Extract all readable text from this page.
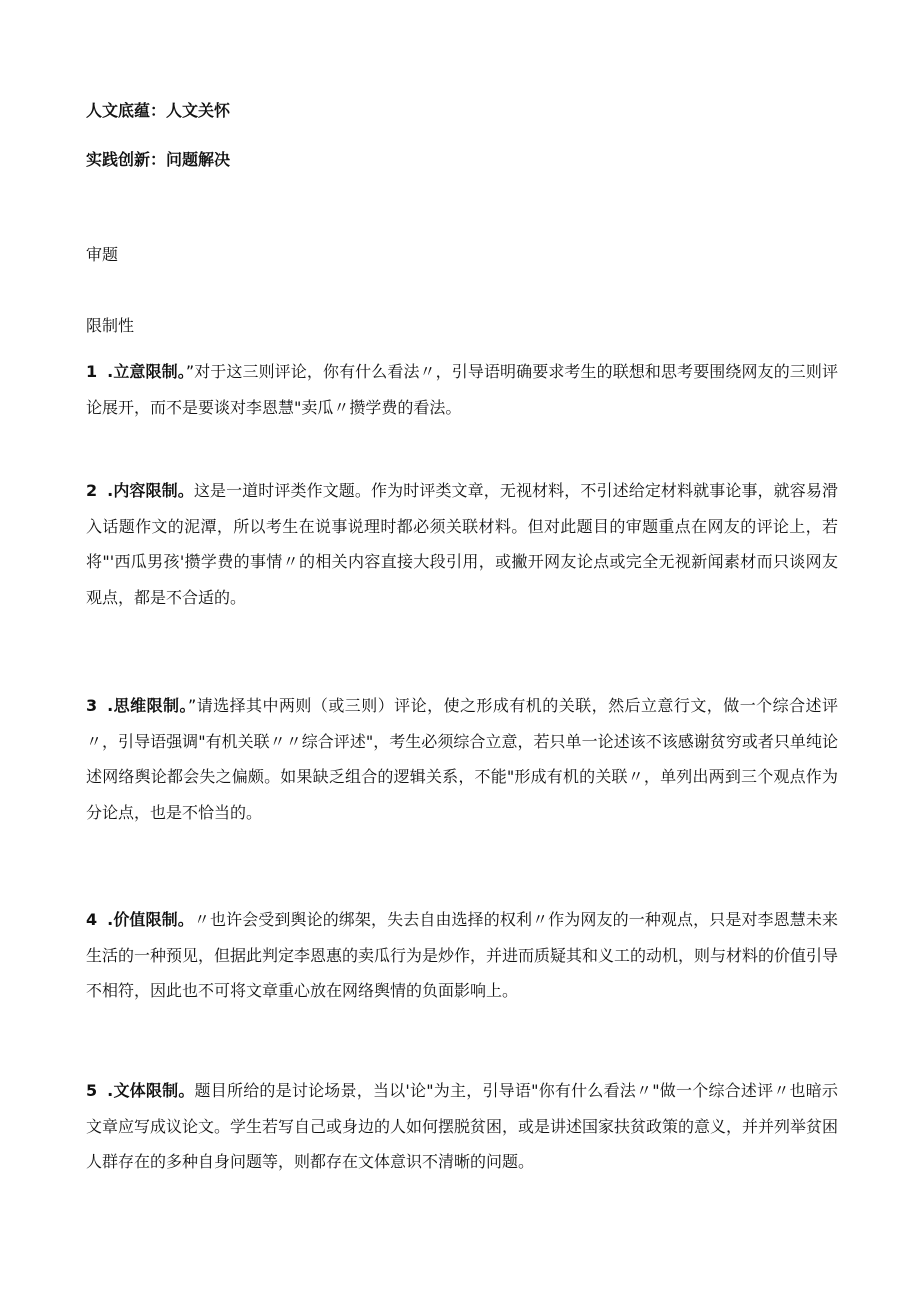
人文底蕴：人文关怀
实践创新：问题解决
审题
限制性
1 .立意限制。”对于这三则评论，你有什么看法〃，引导语明确要求考生的联想和思考要围绕网友的三则评论展开，而不是要谈对李恩慧"卖瓜〃攒学费的看法。
2 .内容限制。这是一道时评类作文题。作为时评类文章，无视材料，不引述给定材料就事论事，就容易滑入话题作文的泥潭，所以考生在说事说理时都必须关联材料。但对此题目的审题重点在网友的评论上，若将"'西瓜男孩'攒学费的事情〃的相关内容直接大段引用，或撇开网友论点或完全无视新闻素材而只谈网友观点，都是不合适的。
3 .思维限制。”请选择其中两则（或三则）评论，使之形成有机的关联，然后立意行文，做一个综合述评〃，引导语强调"有机关联〃〃综合评述"，考生必须综合立意，若只单一论述该不该感谢贫穷或者只单纯论述网络舆论都会失之偏颇。如果缺乏组合的逻辑关系，不能"形成有机的关联〃，单列出两到三个观点作为分论点，也是不恰当的。
4 .价值限制。〃也许会受到舆论的绑架，失去自由选择的权利〃作为网友的一种观点，只是对李恩慧未来生活的一种预见，但据此判定李恩惠的卖瓜行为是炒作，并进而质疑其和义工的动机，则与材料的价值引导不相符，因此也不可将文章重心放在网络舆情的负面影响上。
5 .文体限制。题目所给的是讨论场景，当以'论"为主，引导语"你有什么看法〃"做一个综合述评〃也暗示文章应写成议论文。学生若写自己或身边的人如何摆脱贫困，或是讲述国家扶贫政策的意义，并并列举贫困人群存在的多种自身问题等，则都存在文体意识不清晰的问题。
